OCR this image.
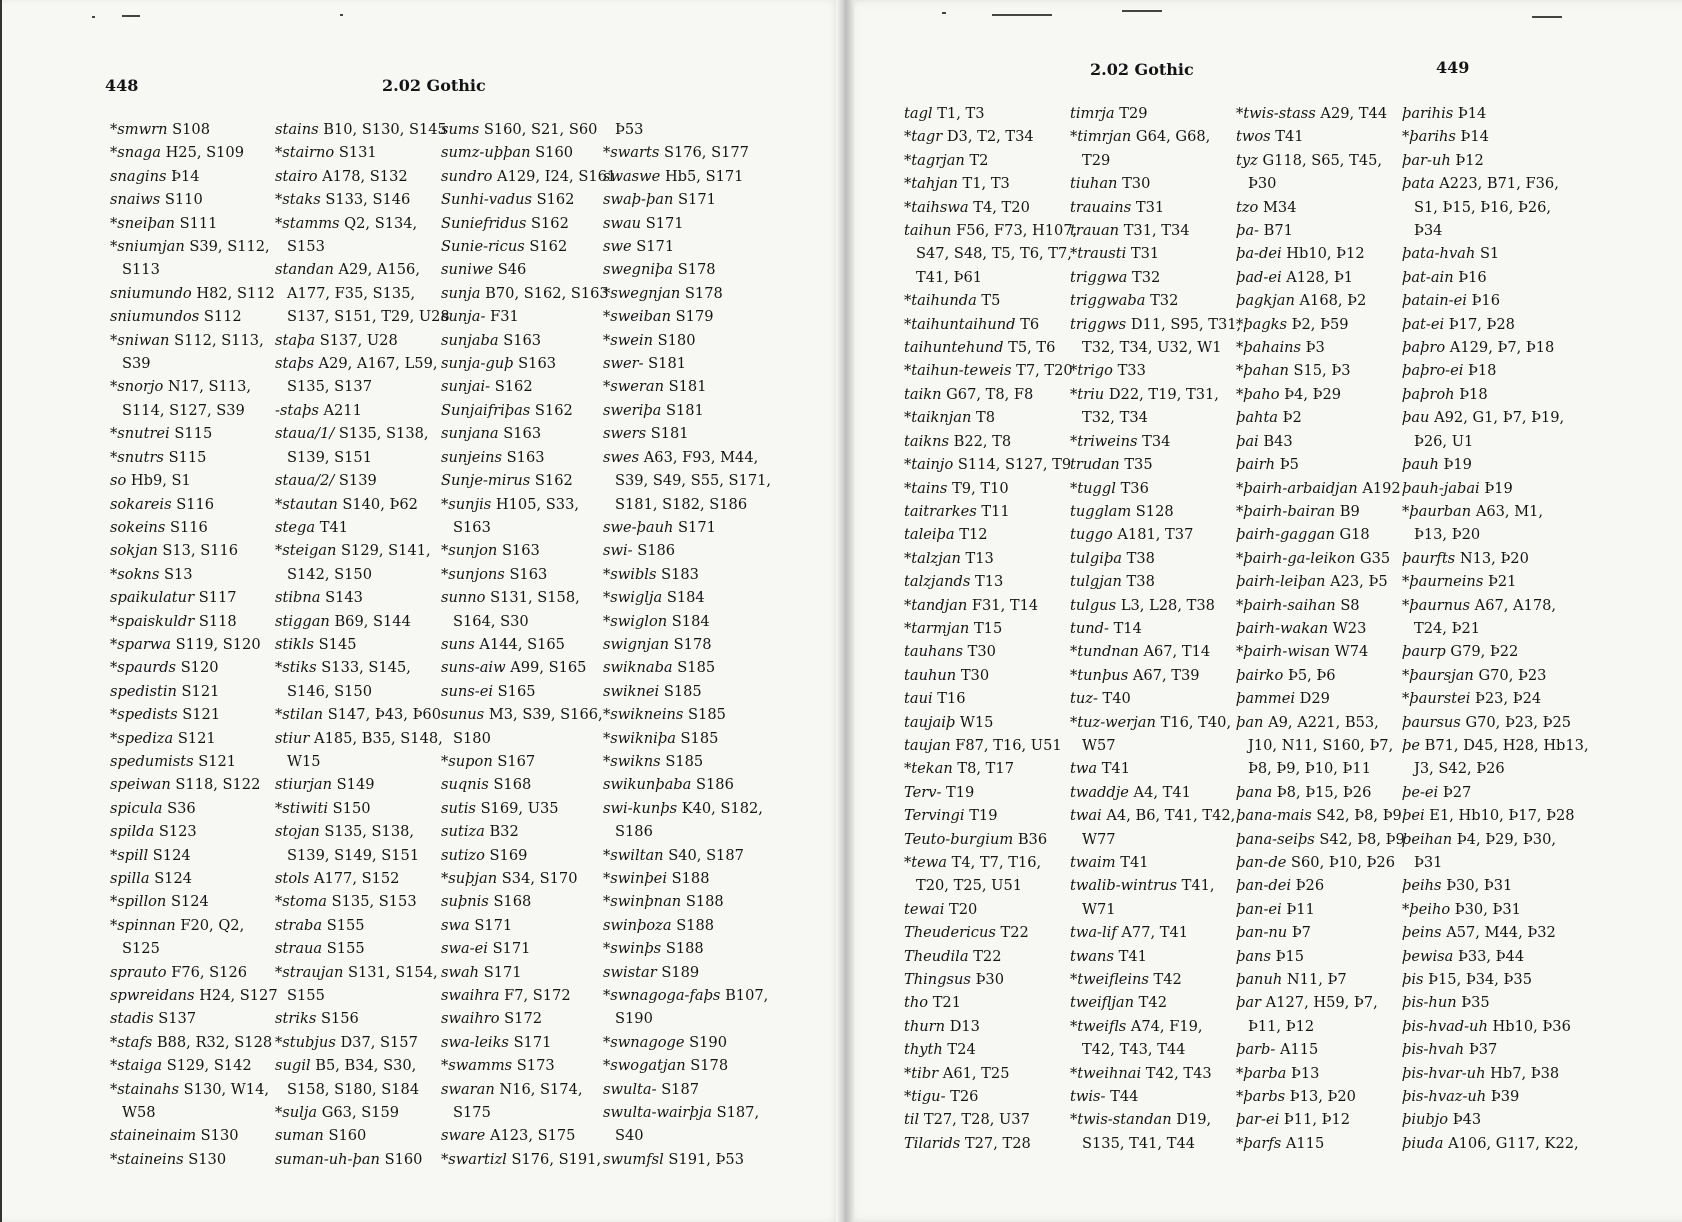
448	2.02 Gothic
*smwrn S108
*snaga H25, S109
snagins Þ14
snaiws S110
*sneiþan S111
*sniumjan S39, S112,
S113
sniumundo H82, S112
sniumundos S112
*sniwan S112, S113,
S39
*snorjo N17, S113,
S114, S127, S39
*snutrei S115
*snutrs S115
so Hb9, S1
sokareis S116
sokeins S116
sokjan S13, S116
*sokns S13
spaikulatur S117
*spaiskuldr S118
*sparwa S119, S120
*spaurds S120
spedistin S121
*spedists S121
*spediza S121
spedumists S121
speiwan S118, S122
spicula S36
spilda S123
*spill S124
spilla S124
*spillon S124
*spinnan F20, Q2,
S125
sprauto F76, S126
spwreidans H24, S127
stadis S137
*stafs B88, R32, S128
*staiga S129, S142
*stainahs S130, W14,
W58
staineinaim S130
*staineins S130
stains B10, S130, S145
*stairno S131
stairo A178, S132
*staks S133, S146
*stamms Q2, S134,
S153
standan A29, A156,
A177, F35, S135,
S137, S151, T29, U28
staþa S137, U28
staþs A29, A167, L59,
S135, S137
-staþs A211
staua/1/ S135, S138,
S139, S151
staua/2/ S139
*stautan S140, Þ62
stega T41
*steigan S129, S141,
S142, S150
stibna S143
stiggan B69, S144
stikls S145
*stiks S133, S145,
S146, S150
*stilan S147, Þ43, Þ60
stiur A185, B35, S148,
W15
stiurjan S149
*stiwiti S150
stojan S135, S138,
S139, S149, S151
stols A177, S152
*stoma S135, S153
straba S155
straua S155
*straujan S131, S154,
S155
striks S156
*stubjus D37, S157
sugil B5, B34, S30,
S158, S180, S184
*sulja G63, S159
suman S160
suman-uh-þan S160
sums S160, S21, S60
sumz-uþþan S160
sundro A129, I24, S161
Sunhi-vadus S162
Suniefridus S162
Sunie-ricus S162
suniwe S46
sunja B70, S162, S163
sunja- F31
sunjaba S163
sunja-guþ S163
sunjai- S162
Sunjaifriþas S162
sunjana S163
sunjeins S163
Sunje-mirus S162
*sunjis H105, S33,
S163
*sunjon S163
*sunjons S163
sunno S131, S158,
S164, S30
suns A144, S165
suns-aiw A99, S165
suns-ei S165
sunus M3, S39, S166,
S180
*supon S167
suqnis S168
sutis S169, U35
sutiza B32
sutizo S169
*suþjan S34, S170
suþnis S168
swa S171
swa-ei S171
swah S171
swaihra F7, S172
swaihro S172
swa-leiks S171
*swamms S173
swaran N16, S174,
S175
sware A123, S175
*swartizl S176, S191,
Þ53
*swarts S176, S177
swaswe Hb5, S171
swaþ-þan S171
swau S171
swe S171
swegniþa S178
*swegnjan S178
*sweiban S179
*swein S180
swer- S181
*sweran S181
sweriþa S181
swers S181
swes A63, F93, M44,
S39, S49, S55, S171,
S181, S182, S186
swe-þauh S171
swi- S186
*swibls S183
*swiglja S184
*swiglon S184
swignjan S178
swiknaba S185
swiknei S185
*swikneins S185
*swikniþa S185
*swikns S185
swikunþaba S186
swi-kunþs K40, S182,
S186
*swiltan S40, S187
*swinþei S188
*swinþnan S188
swinþoza S188
*swinþs S188
swistar S189
*swnagoga-faþs B107,
S190
*swnagoge S190
*swogatjan S178
swulta- S187
swulta-wairþja S187,
S40
swumfsl S191, Þ53
2.02 Gothic	449
tagl T1, T3
*tagr D3, T2, T34
*tagrjan T2
*tahjan T1, T3
*taihswa T4, T20
taihun F56, F73, H107,
S47, S48, T5, T6, T7,
T41, Þ61
*taihunda T5
*taihuntaihund T6
taihuntehund T5, T6
*taihun-teweis T7, T20
taikn G67, T8, F8
*taiknjan T8
taikns B22, T8
*tainjo S114, S127, T9
*tains T9, T10
taitrarkes T11
taleiþa T12
*talzjan T13
talzjands T13
*tandjan F31, T14
*tarmjan T15
tauhans T30
tauhun T30
taui T16
taujaiþ W15
taujan F87, T16, U51
*tekan T8, T17
Terv- T19
Tervingi T19
Teuto-burgium B36
*tewa T4, T7, T16,
T20, T25, U51
tewai T20
Theudericus T22
Theudila T22
Thingsus Þ30
tho T21
thurn D13
thyth T24
*tibr A61, T25
*tigu- T26
til T27, T28, U37
Tilarids T27, T28
timrja T29
*timrjan G64, G68,
T29
tiuhan T30
trauains T31
trauan T31, T34
*trausti T31
triggwa T32
triggwaba T32
triggws D11, S95, T31,
T32, T34, U32, W1
*trigo T33
*triu D22, T19, T31,
T32, T34
*triweins T34
trudan T35
*tuggl T36
tugglam S128
tuggo A181, T37
tulgiþa T38
tulgjan T38
tulgus L3, L28, T38
tund- T14
*tundnan A67, T14
*tunþus A67, T39
tuz- T40
*tuz-werjan T16, T40,
W57
twa T41
twaddje A4, T41
twai A4, B6, T41, T42,
W77
twaim T41
twalib-wintrus T41,
W71
twa-lif A77, T41
twans T41
*tweifleins T42
tweifljan T42
*tweifls A74, F19,
T42, T43, T44
*tweihnai T42, T43
twis- T44
*twis-standan D19,
S135, T41, T44
*twis-stass A29, T44
twos T41
tyz G118, S65, T45,
Þ30
tzo M34
þa- B71
þa-dei Hb10, Þ12
þad-ei A128, Þ1
þagkjan A168, Þ2
*þagks Þ2, Þ59
*þahains Þ3
*þahan S15, Þ3
*þaho Þ4, Þ29
þahta Þ2
þai B43
þairh Þ5
*þairh-arbaidjan A192
*þairh-bairan B9
þairh-gaggan G18
*þairh-ga-leikon G35
þairh-leiþan A23, Þ5
*þairh-saihan S8
þairh-wakan W23
*þairh-wisan W74
þairko Þ5, Þ6
þammei D29
þan A9, A221, B53,
J10, N11, S160, Þ7,
Þ8, Þ9, Þ10, Þ11
þana Þ8, Þ15, Þ26
þana-mais S42, Þ8, Þ9
þana-seiþs S42, Þ8, Þ9
þan-de S60, Þ10, Þ26
þan-dei Þ26
þan-ei Þ11
þan-nu Þ7
þans Þ15
þanuh N11, Þ7
þar A127, H59, Þ7,
Þ11, Þ12
þarb- A115
*þarba Þ13
*þarbs Þ13, Þ20
þar-ei Þ11, Þ12
*þarfs A115
þarihis Þ14
*þarihs Þ14
þar-uh Þ12
þata A223, B71, F36,
S1, Þ15, Þ16, Þ26,
Þ34
þata-hvah S1
þat-ain Þ16
þatain-ei Þ16
þat-ei Þ17, Þ28
þaþro A129, Þ7, Þ18
þaþro-ei Þ18
þaþroh Þ18
þau A92, G1, Þ7, Þ19,
Þ26, U1
þauh Þ19
þauh-jabai Þ19
*þaurban A63, M1,
Þ13, Þ20
þaurfts N13, Þ20
*þaurneins Þ21
*þaurnus A67, A178,
T24, Þ21
þaurp G79, Þ22
*þaursjan G70, Þ23
*þaurstei Þ23, Þ24
þaursus G70, Þ23, Þ25
þe B71, D45, H28, Hb13,
J3, S42, Þ26
þe-ei Þ27
þei E1, Hb10, Þ17, Þ28
þeihan Þ4, Þ29, Þ30,
Þ31
þeihs Þ30, Þ31
*þeiho Þ30, Þ31
þeins A57, M44, Þ32
þewisa Þ33, Þ44
þis Þ15, Þ34, Þ35
þis-hun Þ35
þis-hvad-uh Hb10, Þ36
þis-hvah Þ37
þis-hvar-uh Hb7, Þ38
þis-hvaz-uh Þ39
þiubjo Þ43
þiuda A106, G117, K22,
